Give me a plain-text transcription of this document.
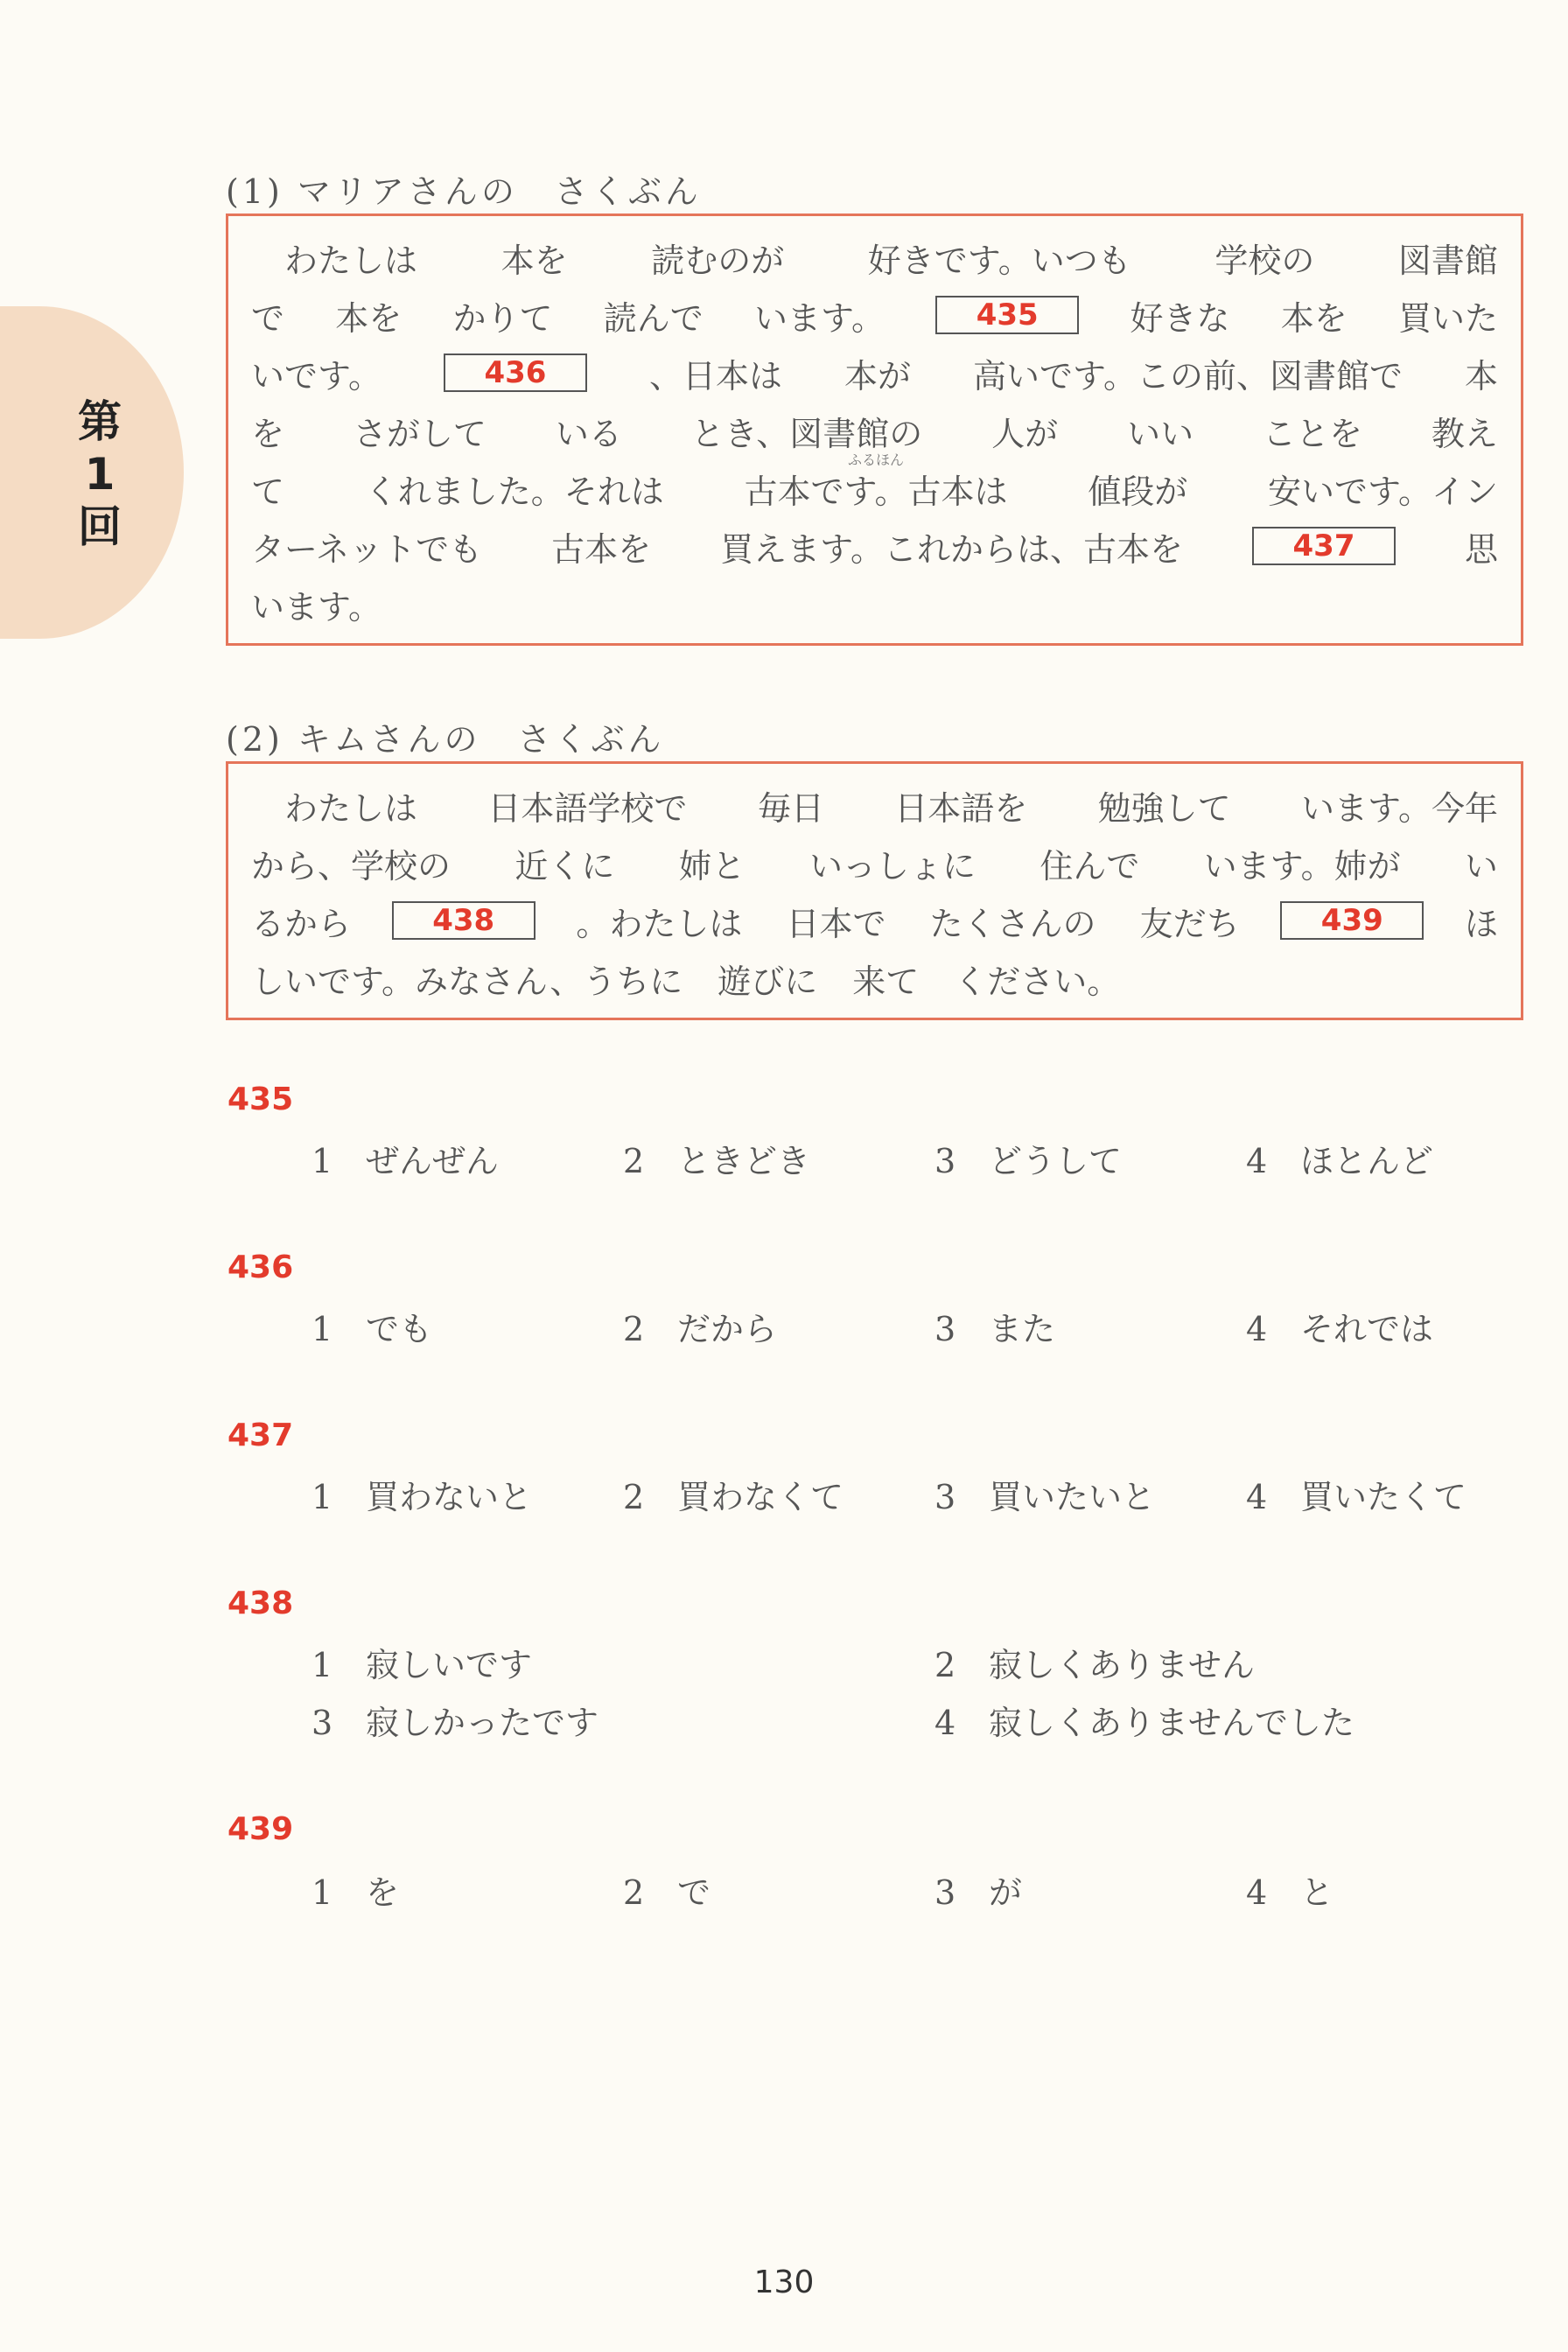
第
1
回
(1) マリアさんの　さくぶん
　わたしは	本を	読むのが	好きです。いつも	学校の	図書館
で 本を かりて 読んで います。	435	好きな 本を 買いた
いです。	436	、日本は 本が 高いです。この前、図書館で 本
を さがして いる とき、図書館の 人が いい ことを 教え
て くれました。それは
ふるほん
古本です。古本は 値段が 安いです。イン
ターネットでも 古本を 買えます。これからは、古本を	437	思
います。
(2) キムさんの　さくぶん
　わたしは 日本語学校で 毎日 日本語を 勉強して います。今年
から、学校の 近くに 姉と いっしょに 住んで います。姉が い
るから	438	。わたしは　 日本で　 たくさんの　 友だち	439	ほ
しいです。みなさん、うちに 遊びに 来て ください。
435
1 ぜんぜん	2 ときどき	3 どうして	4 ほとんど
436
1 でも	2 だから	3 また	4 それでは
437
1 買わないと	2 買わなくて	3 買いたいと	4 買いたくて
438
1 寂しいです	2 寂しくありません
3 寂しかったです	4 寂しくありませんでした
439
1 を	2 で	3 が	4 と
130
